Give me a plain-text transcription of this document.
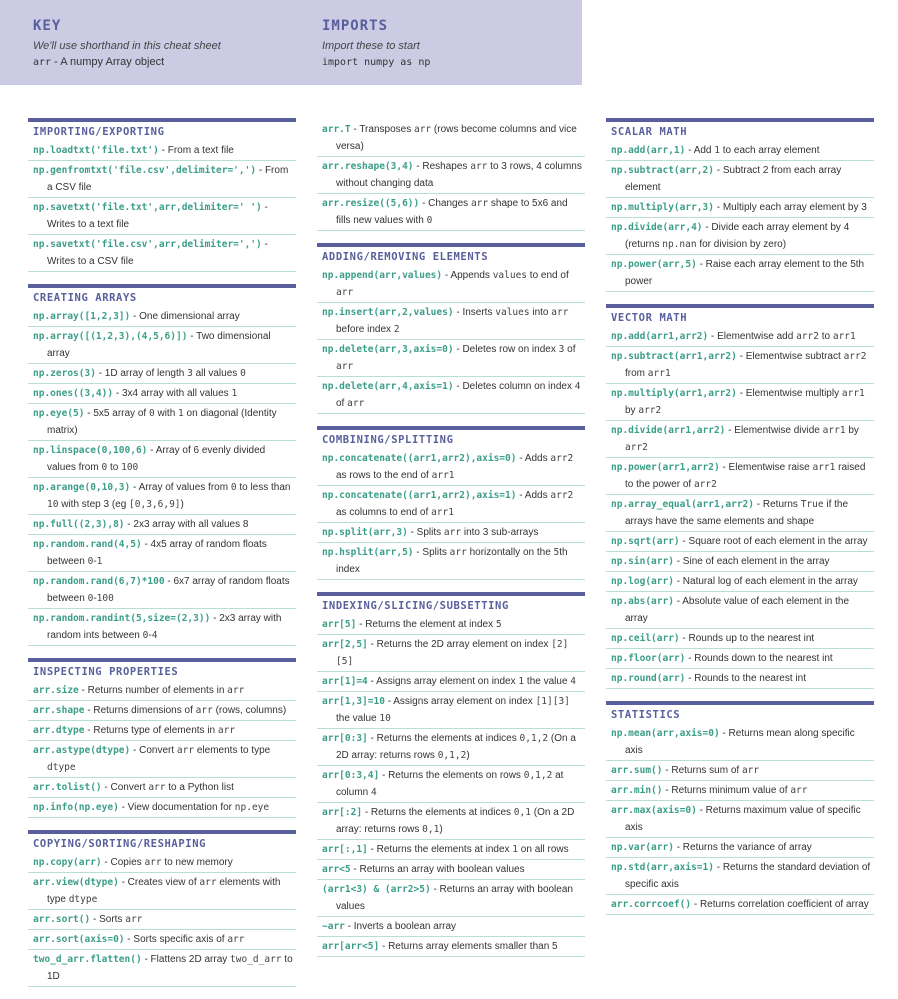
KEY
We'll use shorthand in this cheat sheet
arr - A numpy Array object
IMPORTS
Import these to start
import numpy as np
IMPORTING/EXPORTING
np.loadtxt('file.txt') - From a text file
np.genfromtxt('file.csv',delimiter=',') - From a CSV file
np.savetxt('file.txt',arr,delimiter=' ') - Writes to a text file
np.savetxt('file.csv',arr,delimiter=',') - Writes to a CSV file
CREATING ARRAYS
np.array([1,2,3]) - One dimensional array
np.array([(1,2,3),(4,5,6)]) - Two dimensional array
np.zeros(3) - 1D array of length 3 all values 0
np.ones((3,4)) - 3x4 array with all values 1
np.eye(5) - 5x5 array of 0 with 1 on diagonal (Identity matrix)
np.linspace(0,100,6) - Array of 6 evenly divided values from 0 to 100
np.arange(0,10,3) - Array of values from 0 to less than 10 with step 3 (eg [0,3,6,9])
np.full((2,3),8) - 2x3 array with all values 8
np.random.rand(4,5) - 4x5 array of random floats between 0-1
np.random.rand(6,7)*100 - 6x7 array of random floats between 0-100
np.random.randint(5,size=(2,3)) - 2x3 array with random ints between 0-4
INSPECTING PROPERTIES
arr.size - Returns number of elements in arr
arr.shape - Returns dimensions of arr (rows, columns)
arr.dtype - Returns type of elements in arr
arr.astype(dtype) - Convert arr elements to type dtype
arr.tolist() - Convert arr to a Python list
np.info(np.eye) - View documentation for np.eye
COPYING/SORTING/RESHAPING
np.copy(arr) - Copies arr to new memory
arr.view(dtype) - Creates view of arr elements with type dtype
arr.sort() - Sorts arr
arr.sort(axis=0) - Sorts specific axis of arr
two_d_arr.flatten() - Flattens 2D array two_d_arr to 1D
arr.T - Transposes arr (rows become columns and vice versa)
arr.reshape(3,4) - Reshapes arr to 3 rows, 4 columns without changing data
arr.resize((5,6)) - Changes arr shape to 5x6 and fills new values with 0
ADDING/REMOVING ELEMENTS
np.append(arr,values) - Appends values to end of arr
np.insert(arr,2,values) - Inserts values into arr before index 2
np.delete(arr,3,axis=0) - Deletes row on index 3 of arr
np.delete(arr,4,axis=1) - Deletes column on index 4 of arr
COMBINING/SPLITTING
np.concatenate((arr1,arr2),axis=0) - Adds arr2 as rows to the end of arr1
np.concatenate((arr1,arr2),axis=1) - Adds arr2 as columns to end of arr1
np.split(arr,3) - Splits arr into 3 sub-arrays
np.hsplit(arr,5) - Splits arr horizontally on the 5th index
INDEXING/SLICING/SUBSETTING
arr[5] - Returns the element at index 5
arr[2,5] - Returns the 2D array element on index [2][5]
arr[1]=4 - Assigns array element on index 1 the value 4
arr[1,3]=10 - Assigns array element on index [1][3] the value 10
arr[0:3] - Returns the elements at indices 0,1,2 (On a 2D array: returns rows 0,1,2)
arr[0:3,4] - Returns the elements on rows 0,1,2 at column 4
arr[:2] - Returns the elements at indices 0,1 (On a 2D array: returns rows 0,1)
arr[:,1] - Returns the elements at index 1 on all rows
arr<5 - Returns an array with boolean values
(arr1<3) & (arr2>5) - Returns an array with boolean values
~arr - Inverts a boolean array
arr[arr<5] - Returns array elements smaller than 5
SCALAR MATH
np.add(arr,1) - Add 1 to each array element
np.subtract(arr,2) - Subtract 2 from each array element
np.multiply(arr,3) - Multiply each array element by 3
np.divide(arr,4) - Divide each array element by 4 (returns np.nan for division by zero)
np.power(arr,5) - Raise each array element to the 5th power
VECTOR MATH
np.add(arr1,arr2) - Elementwise add arr2 to arr1
np.subtract(arr1,arr2) - Elementwise subtract arr2 from arr1
np.multiply(arr1,arr2) - Elementwise multiply arr1 by arr2
np.divide(arr1,arr2) - Elementwise divide arr1 by arr2
np.power(arr1,arr2) - Elementwise raise arr1 raised to the power of arr2
np.array_equal(arr1,arr2) - Returns True if the arrays have the same elements and shape
np.sqrt(arr) - Square root of each element in the array
np.sin(arr) - Sine of each element in the array
np.log(arr) - Natural log of each element in the array
np.abs(arr) - Absolute value of each element in the array
np.ceil(arr) - Rounds up to the nearest int
np.floor(arr) - Rounds down to the nearest int
np.round(arr) - Rounds to the nearest int
STATISTICS
np.mean(arr,axis=0) - Returns mean along specific axis
arr.sum() - Returns sum of arr
arr.min() - Returns minimum value of arr
arr.max(axis=0) - Returns maximum value of specific axis
np.var(arr) - Returns the variance of array
np.std(arr,axis=1) - Returns the standard deviation of specific axis
arr.corrcoef() - Returns correlation coefficient of array
